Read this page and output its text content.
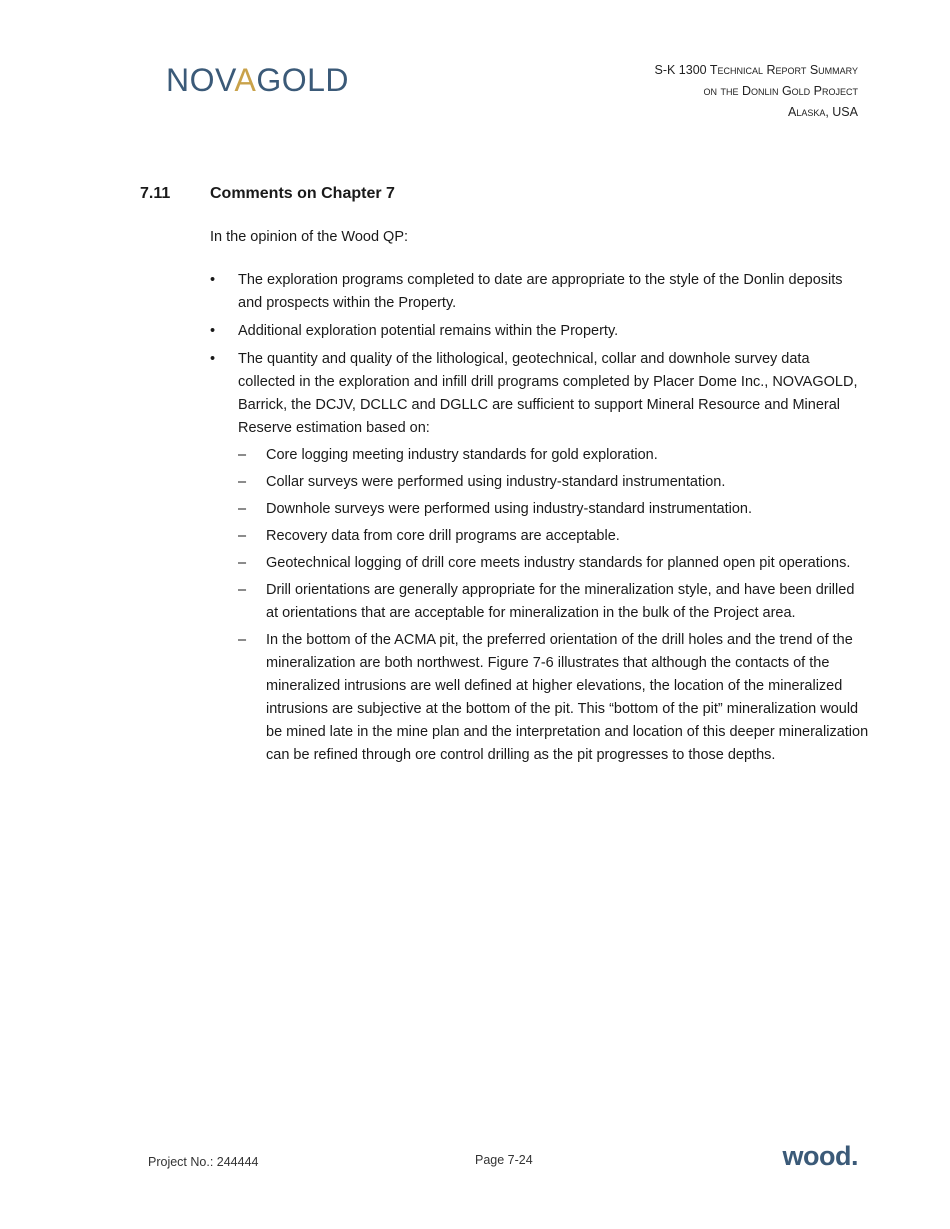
NOVAGOLD	S-K 1300 Technical Report Summary
on the Donlin Gold Project
Alaska, USA
7.11 Comments on Chapter 7
In the opinion of the Wood QP:
• The exploration programs completed to date are appropriate to the style of the Donlin deposits and prospects within the Property.
• Additional exploration potential remains within the Property.
• The quantity and quality of the lithological, geotechnical, collar and downhole survey data collected in the exploration and infill drill programs completed by Placer Dome Inc., NOVAGOLD, Barrick, the DCJV, DCLLC and DGLLC are sufficient to support Mineral Resource and Mineral Reserve estimation based on:
– Core logging meeting industry standards for gold exploration.
– Collar surveys were performed using industry-standard instrumentation.
– Downhole surveys were performed using industry-standard instrumentation.
– Recovery data from core drill programs are acceptable.
– Geotechnical logging of drill core meets industry standards for planned open pit operations.
– Drill orientations are generally appropriate for the mineralization style, and have been drilled at orientations that are acceptable for mineralization in the bulk of the Project area.
– In the bottom of the ACMA pit, the preferred orientation of the drill holes and the trend of the mineralization are both northwest. Figure 7-6 illustrates that although the contacts of the mineralized intrusions are well defined at higher elevations, the location of the mineralized intrusions are subjective at the bottom of the pit. This “bottom of the pit” mineralization would be mined late in the mine plan and the interpretation and location of this deeper mineralization can be refined through ore control drilling as the pit progresses to those depths.
Project No.: 244444	Page 7-24	wood.
